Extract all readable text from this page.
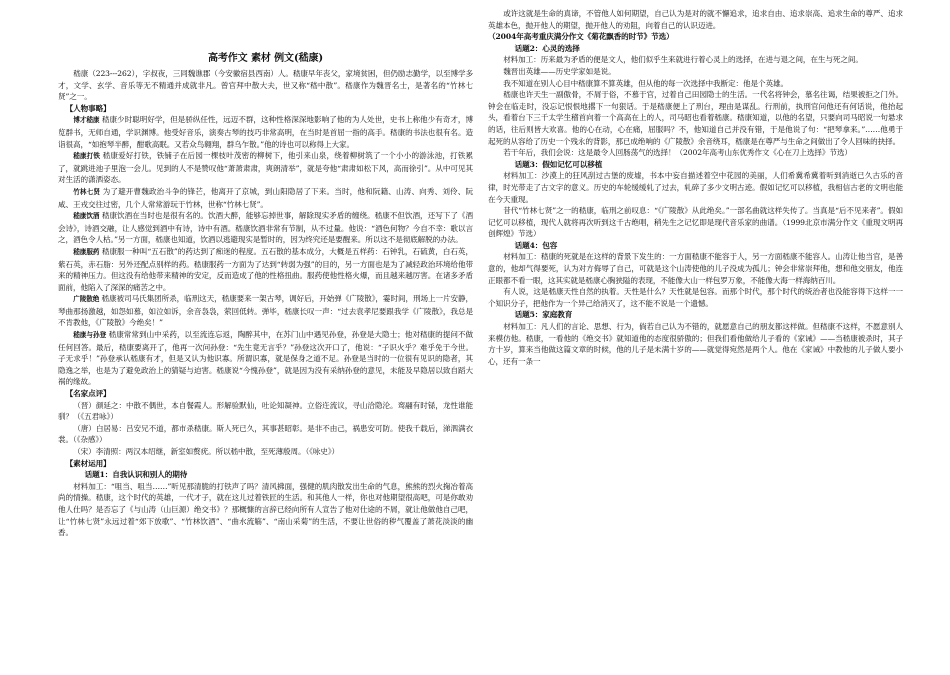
高考作文 素材 例文(嵇康)

嵇康（223---262），字叔夜，三同魏谯郡（今安徽宿县西南）人。嵇康早年丧父，家境贫困，但仍励志勤学，以至博学多才，文学、玄学、音乐等无不精通并成就非凡。曾官拜中散大夫，世又称“嵇中散”。嵇康作为魏晋名士，是著名的“竹林七贤”之一。

【人物事略】

博才嵇康 嵇康少时聪明好学，但是骄纵任性，远迈不群，这种性格深深地影响了他的为人处世，史书上称他少有奇才，博览群书，无师自通，学识渊博。他受好音乐，演奏古琴的技巧非常高明，在当时是首屈一指的高手。嵇康的书法也很有名。造诣很高，“如抱琴半醉，酣歌高眠。又若众鸟翱翔，群乌乍散。”他的诗也可以称得上大家。

嵇康打铁 嵇康爱好打铁，铁铺子在后园一棵枝叶茂密的柳树下，他引来山泉，绕着柳树筑了一个小小的游泳池，打铁累了，就跳进池子里泡一会儿。见到的人不是赞叹他“萧萧肃肃，爽朗清举”，就是夸他“肃肃如松下风，高而徐引”。从中可见其对生活的潇洒姿态。

竹林七贤 为了避开曹魏政治斗争的锋芒，他离开了京城，到山阳隐居了下来。当时，他和阮籍、山涛、向秀、刘伶、阮咸、王戎交往过密，几个人常常游玩于竹林，世称“竹林七贤”。

嵇康饮酒 嵇康饮酒在当时也是很有名的。饮酒大醉，能够忘掉世事，解除现实矛盾的缠绕。嵇康不但饮酒，还写下了《酒会诗》，诗酒交融，让人感觉到酒中有诗，诗中有酒。嵇康饮酒非常有节制，从不过量。他说：“酒色何物？今自不幸：歌以言之，酒色令人枯。”另一方面，嵇康也知道，饮酒以逃避现实是暂时的，因为终究还是要醒来。所以这不是彻底解脱的办法。

嵇康服药 嵇康服一种叫“五石散”的药达到了痴迷的程度。五石散的基本成分，大概是五样药：石钟乳，石硫黄，白石英，紫石英，赤石脂：另外还配点别样的药。嵇康服药一方面为了达到“转弱为强”的目的，另一方面也是为了减轻政治环境给他带来的精神压力。但这没有给他带来精神的安定，反而造成了他的性格扭曲。服药使他性格火爆，而且越来越厉害。在诸多矛盾面前，他陷入了深深的痛苦之中。

广陵散绝 嵇康被司马氏集团所杀，临刑这天，嵇康要来一架古琴，调好后，开始弹《广陵散》，霎时间，刑场上一片安静，琴曲那扬激越，如怨如慕，如泣如诉，余音袅袅，萦回低转。弹毕，嵇康长叹一声：“过去袁孝尼要跟我学《广陵散》，我总是不肯教他，《广陵散》今绝矣！”

嵇康与孙登 嵇康常常到山中采药，以至流连忘返，陶醉其中，在苏门山中遇见孙登，孙登是大隐士；他对嵇康的提问不做任何回答。最后，嵇康要离开了，他再一次问孙登：“先生竟无言乎？”孙登这次开口了，他说：“子识火乎？难乎免于今世。子无求乎！”孙登承认嵇康有才，但是又认为他识寡。所谓识寡，就是保身之道不足。孙登是当时的一位很有见识的隐者，其隐逸之举，也是为了避免政治上的猜疑与迫害。嵇康说“今愧孙登”，就是因为没有采纳孙登的意见，未能及早隐居以致自蹈大祸的缘故。

【名家点评】

（晋）颜延之：中散不偶世，本自餐霞人。形解验默仙，吐论知凝神。立俗迕流议，寻山洽隐沦。鸾翮有时铩，龙性谁能驯？（《五君咏》）

（唐）白居易：吕安兄不道，都市杀嵇康。斯人死已久，其事甚昭彰。是非不由己，祸患安可防。使我千载后，涕泗满衣裳。（《杂感》）

（宋）李清照：两汉本绍继，新室如赘疣。所以嵇中散，至死薄殷周。（《咏史》）

【素材运用】

话题1：自我认识和别人的期待

材料加工：“咀当、咀当……”听见那清脆的打铁声了吗？清风拂面，强健的肌肉散发出生命的气息，熊熊的烈火掬冶着高尚的情操。嵇康，这个时代的英雄，一代才子，就在这儿过着铁匠的生活。和其他人一样，你也对他期望很高吧，可是你敢劝他人仕吗？是否忘了《与山涛（山巨源）绝交书》？那概慷的言辞已经向所有人宣告了他对仕途的不屑，就让他做他自己吧，让“竹林七贤”永远过着“郊下放歌”、“竹林饮酒”、“曲水流觞”、“南山采菊”的生活，不要让世俗的秽气覆盖了萧花淡淡的幽香。

或许这就是生命的真谛，不管他人如何期望，自己认为是对的就不懈追求，追求自由、追求崇高、追求生命的尊严、追求英雄本色，抛开他人的期望，抛开他人的劝阻，向着自己的认识迈进。

（2004年高考重庆满分作文《菊花飘香的时节》节选）

话题2：心灵的选择

材料加工：历来最为矛盾的便是文人，他们似乎生来就进行着心灵上的选择，在进与退之间，在生与死之间。

魏晋出英雄——历史学家如是说。

我不知道在别人心目中嵇康算不算英雄，但从他的每一次选择中我断定：他是个英雄。

嵇康也许天生一副傲骨，不屑于俗，不慕于官，过着自己田园隐士的生活。一代名将钟会，慕名往谒，结果被拒之门外。钟会在临走时，没忘记恨恨地撂下一句狠话。于是嵇康便上了刑台，理由是谋乱。行刑前，执刑官问他还有何话说，他抬起头，看着台下三千太学生稽首向着一个高高在上的人，司马昭也看着嵇康。嵇康知道，以他的名望，只要向司马昭说一句悬求的话，往后则皆大欢喜。他的心在动，心在痛，屈服吗？不，他知道自己并没有错，于是他说了句：“把琴拿来。”……他勇于起死的从容给了历史一个残永的背影，那已成绝响的《广陵散》余音绕耳，嵇康是在尊严与生命之间做出了令人回味的抉择。

若干年后，我们会说：这是最令人回肠荡气的选择！（2002年高考山东优秀作文《心在刀上选择》节选）

话题3：假如记忆可以移植

材料加工：沙漠上的狂风刮过古堡的废墟，书本中妄自描述着空中花园的美丽，人们希冀希冀着听到消逝已久古乐的音律，时光带走了古文字的意义。历史的车轮缓缓轧了过去，轧碎了多少文明古迹。假如记忆可以移植，我相信古老的文明也能在今天重现。

昔代“竹林七贤”之一的嵇康，临刑之前叹息：“《广陵散》从此绝矣。”一部名曲就这样失传了。当真是“后不见来者”。假如记忆可以移植，现代人就将再次听到这千古绝唱，稍先生之记忆即是现代音乐家的曲谱。（1999北京市满分作文《重现文明再创辉煌》节选）

话题4：包容

材料加工：嵇康的死就是在这样的背景下发生的：一方面嵇康不能容于人，另一方面嵇康不能容人。山涛让他当官，是善意的，他却气得要死，认为对方侮辱了自己，可就是这个山涛使他的儿子没成为孤儿；钟会非常崇拜他，想和他交朋友，他连正眼都不看一眼，这其实就是嵇康心胸狭隘的表现，不能像大山一样包罗万象，不能像大海一样海纳百川。

有人说，这是嵇康天性自然的执着。天性是什么？天性就是包容。而那个时代，那个时代的统治者也没能容得下这样一一个知识分子，把他作为一个异己给消灭了，这不能不说是一个遗憾。

话题5：家庭教育

材料加工：凡人们的言论、思想、行为，倘若自己认为不错的，就愿意自己的朋友都这样做。但嵇康不这样，不愿意别人来模仿他。嵇康，一看他的《绝交书》就知道他的态度很骄傲的；但我们看他做给儿子看的《家诫》——当嵇康被杀时，其子方十岁，算来当他做这篇文章的时候，他的儿子是未满十岁的——就觉得宛然是两个人。他在《家诫》中教他的儿子做人要小心，还有一条一
